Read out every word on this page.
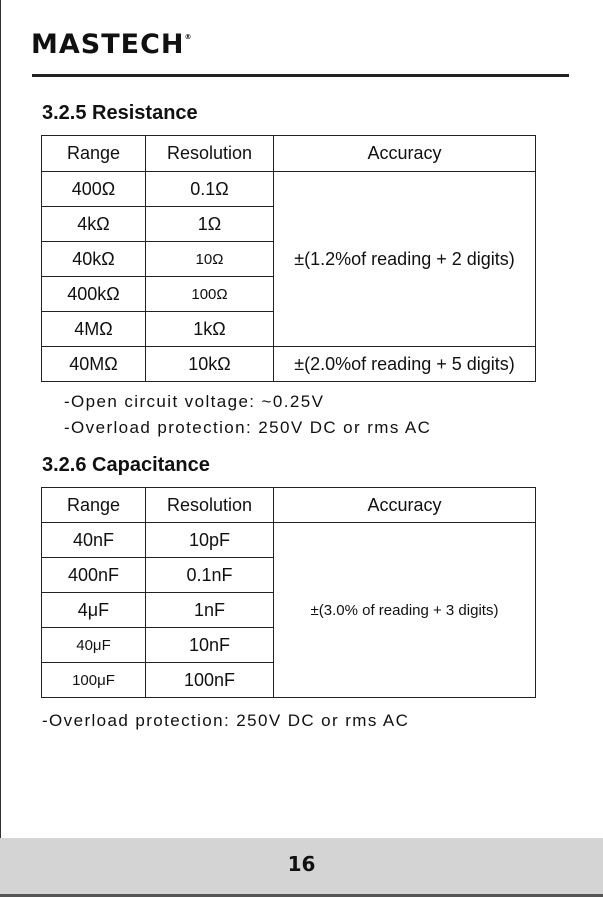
MASTECH®
3.2.5 Resistance
Range	Resolution	Accuracy
400Ω	0.1Ω	±(1.2%of reading + 2 digits)
4kΩ	1Ω	
40kΩ	10Ω	
400kΩ	100Ω	
4MΩ	1kΩ	
40MΩ	10kΩ	±(2.0%of reading + 5 digits)
-Open circuit voltage: ~0.25V
-Overload protection: 250V DC or rms AC
3.2.6 Capacitance
Range	Resolution	Accuracy
40nF	10pF	±(3.0% of reading + 3 digits)
400nF	0.1nF	
4μF	1nF	
40μF	10nF	
100μF	100nF	
-Overload protection: 250V DC or rms AC
16
